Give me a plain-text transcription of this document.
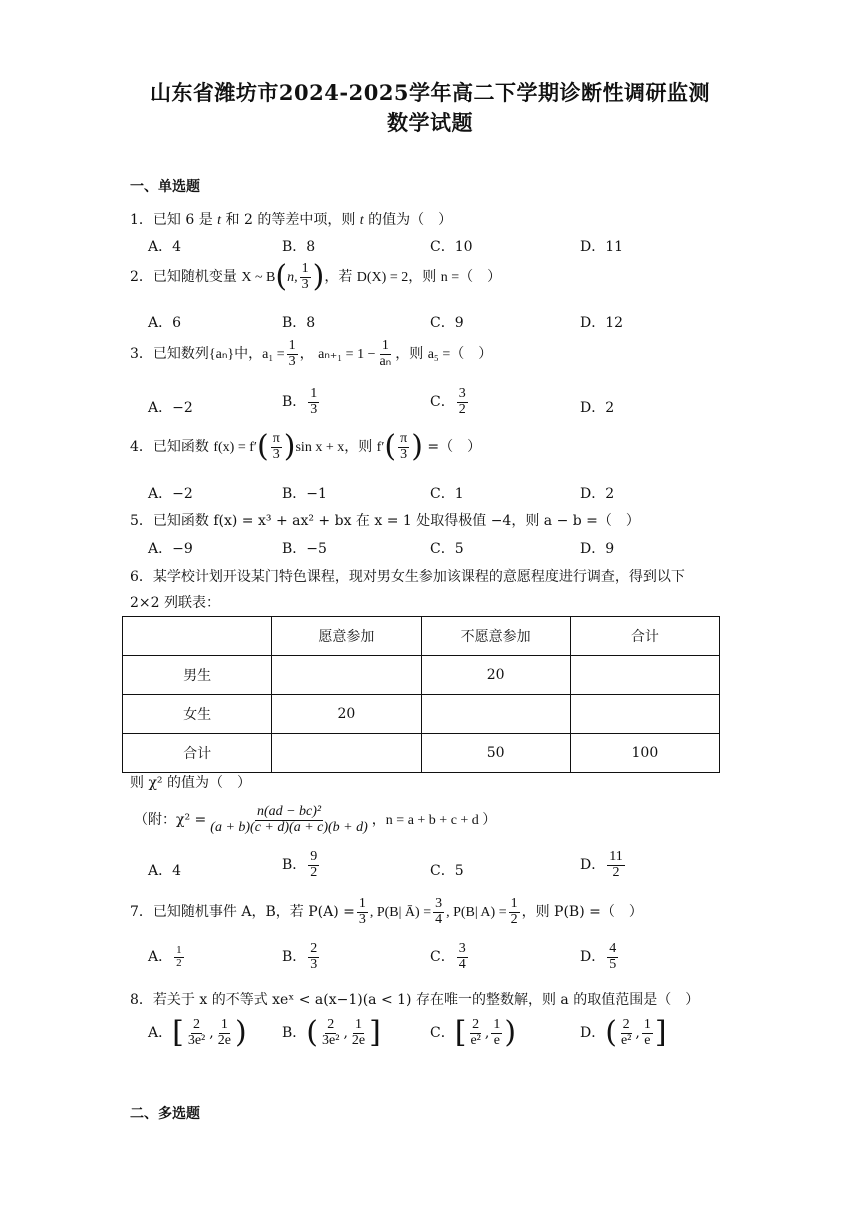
山东省潍坊市2024-2025学年高二下学期诊断性调研监测
数学试题
一、单选题
1．已知 6 是 t 和 2 的等差中项，则 t 的值为（　）
A．4	B．8	C．10	D．11
2．已知随机变量 X ~ B(n, $\frac{1}{3}$ )，若 D(X) = 2，则 n =（　）
A．6	B．8	C．9	D．12
3．已知数列{aₙ}中，$a_1 = \frac{1}{3}$ ， $a_{n+1} = 1 - \frac{1}{\text{aₙ}}$ ，则 a₅ =（　）
A．−2	B． $\frac{1}{3}$	C． $\frac{3}{2}$	D．2
4．已知函数 $f(x) = f'( \frac{\pi}{3} )\sin$ x + x，则 $f'( \frac{\pi}{3}$ ) =（　）
A．−2	B．−1	C．1	D．2
5．已知函数 f(x) = x³ + ax² + bx 在 x = 1 处取得极值 −4，则 a − b =（　）
A．−9	B．−5	C．5	D．9
6．某学校计划开设某门特色课程，现对男女生参加该课程的意愿程度进行调查，得到以下
2×2 列联表：
	愿意参加	不愿意参加	合计
男生		20	
女生	20		
合计		50	100
则 χ² 的值为（　）
（附：$\chi^2 = \frac{\text{n(ad − bc)²}}{(a + b)(c + d)(a + c)(b + d)}$ ，n = a + b + c + d ）
A．4	B． $\frac{9}{2}$	C．5	D． $\frac{11}{2}$
7．已知随机事件 A，B，若 $P(A) = \frac{1}{3}$ , P(B| Ā) = $\frac{3}{4}$ , P(B| $A) = \frac{1}{2}$ ，则 P(B) =（　）
A． $\frac{1}{2}$	B． $\frac{2}{3}$	C． $\frac{3}{4}$	D． $\frac{4}{5}$
8．若关于 x 的不等式 xeˣ < a(x−1)(a < 1) 存在唯一的整数解，则 a 的取值范围是（　）
A．[ $\frac{2}{\text{3e²}}$ , $\frac{1}{2e}$ )	B．( $\frac{2}{\text{3e²}}$ , $\frac{1}{2e}$ ]	C．[ $\frac{2}{\text{e²}}$ , $\frac{1}{e}$ )	D．( $\frac{2}{\text{e²}}$ , $\frac{1}{e}$ ]
二、多选题
